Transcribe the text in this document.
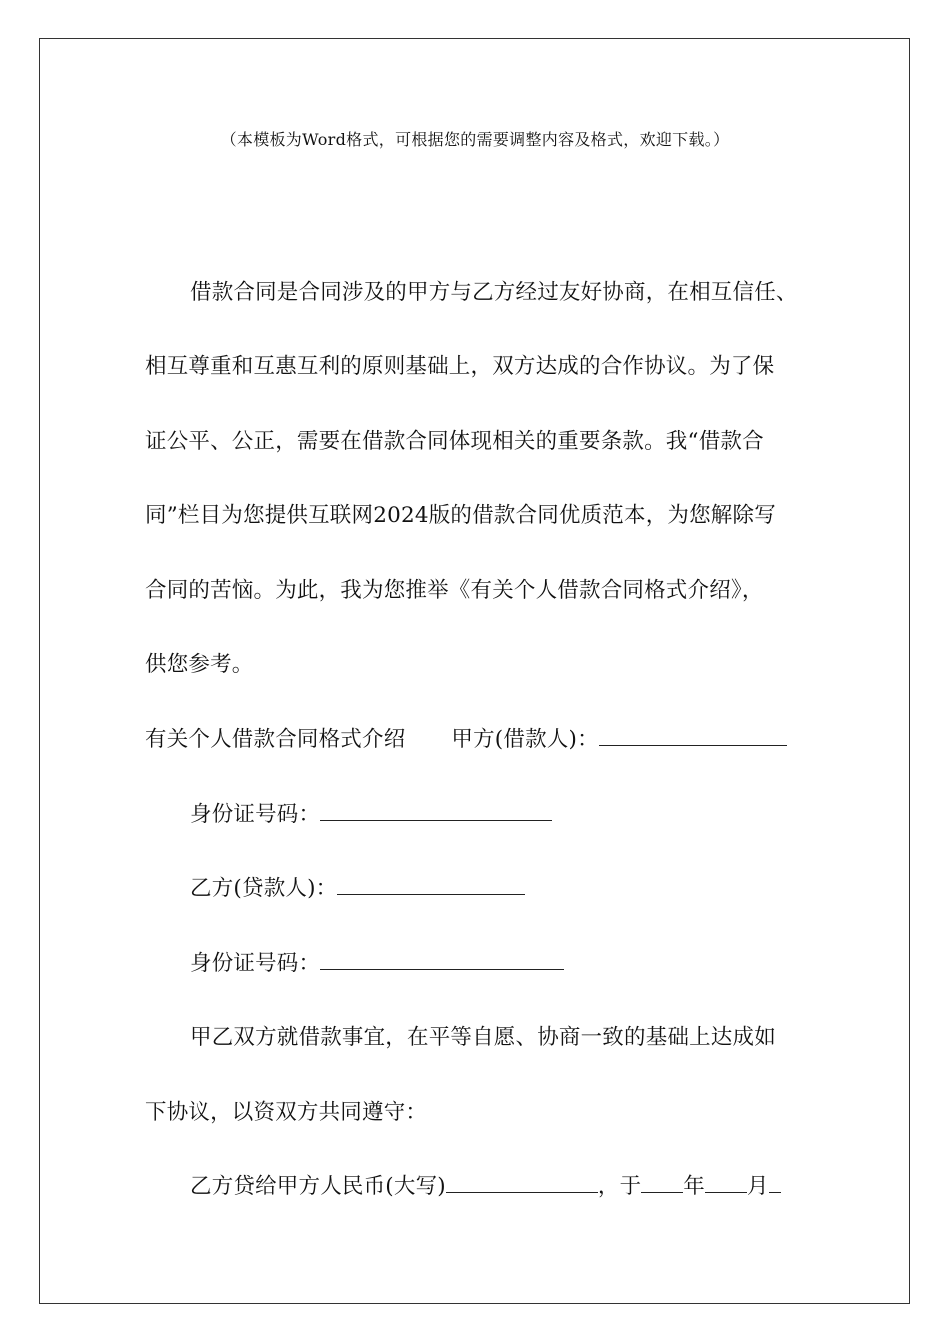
（本模板为Word格式，可根据您的需要调整内容及格式，欢迎下载。）
借款合同是合同涉及的甲方与乙方经过友好协商，在相互信任、
相互尊重和互惠互利的原则基础上，双方达成的合作协议。为了保
证公平、公正，需要在借款合同体现相关的重要条款。我“借款合
同”栏目为您提供互联网2024版的借款合同优质范本，为您解除写
合同的苦恼。为此，我为您推举《有关个人借款合同格式介绍》，
供您参考。
有关个人借款合同格式介绍 甲方(借款人)：
身份证号码：
乙方(贷款人)：
身份证号码：
甲乙双方就借款事宜，在平等自愿、协商一致的基础上达成如
下协议，以资双方共同遵守：
乙方贷给甲方人民币(大写)	，于 年 月
